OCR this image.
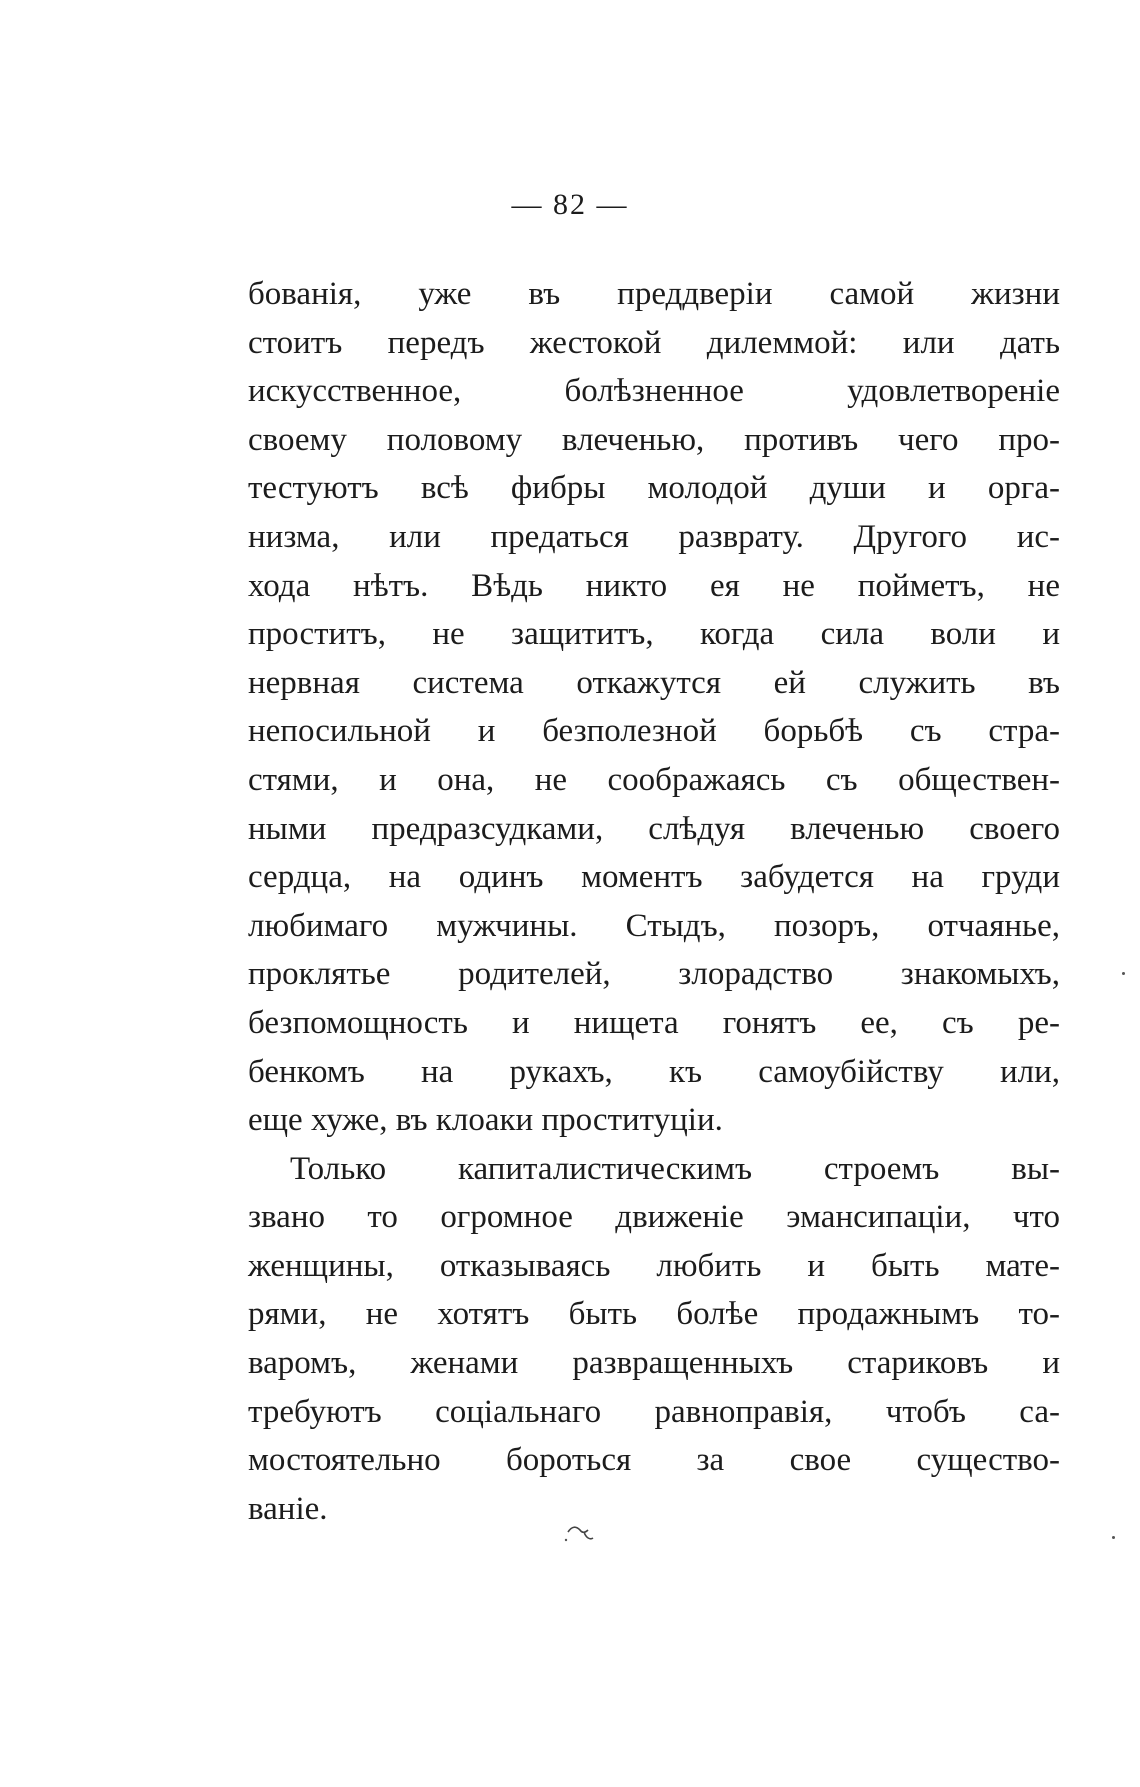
— 82 —
бованія, уже въ преддверіи самой жизни
стоитъ передъ жестокой дилеммой: или дать
искусственное, болѣзненное удовлетвореніе
своему половому влеченью, противъ чего про-
тестуютъ всѣ фибры молодой души и орга-
низма, или предаться разврату. Другого ис-
хода нѣтъ. Вѣдь никто ея не пойметъ, не
проститъ, не защититъ, когда сила воли и
нервная система откажутся ей служить въ
непосильной и безполезной борьбѣ съ стра-
стями, и она, не соображаясь съ обществен-
ными предразсудками, слѣдуя влеченью своего
сердца, на одинъ моментъ забудется на груди
любимаго мужчины. Стыдъ, позоръ, отчаянье,
проклятье родителей, злорадство знакомыхъ,
безпомощность и нищета гонятъ ее, съ ре-
бенкомъ на рукахъ, къ самоубійству или,
еще хуже, въ клоаки проституціи.
Только капиталистическимъ строемъ вы-
звано то огромное движеніе эмансипаціи, что
женщины, отказываясь любить и быть мате-
рями, не хотятъ быть болѣе продажнымъ то-
варомъ, женами развращенныхъ стариковъ и
требуютъ соціальнаго равноправія, чтобъ са-
мостоятельно бороться за свое существо-
ваніе.
